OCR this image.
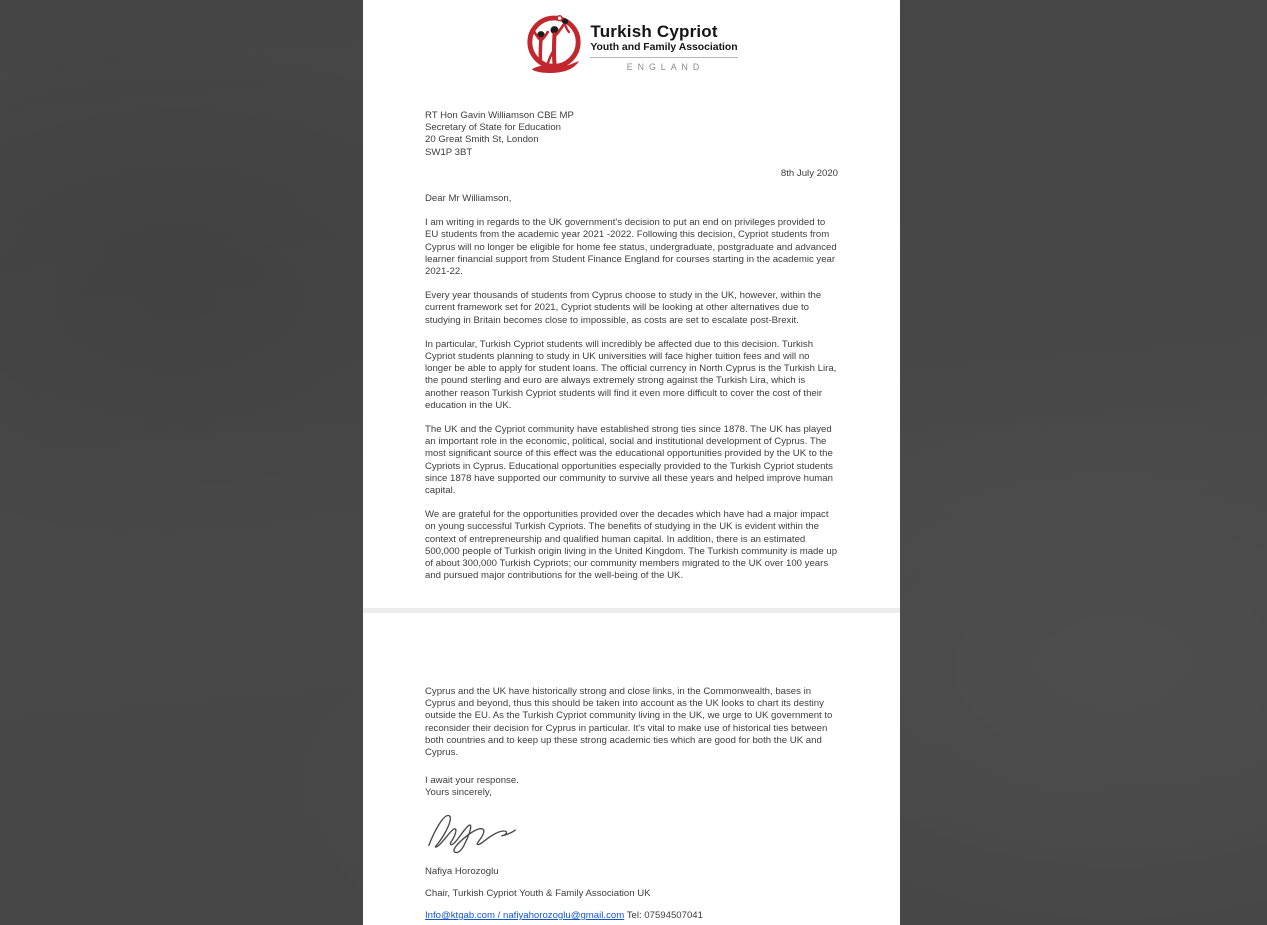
Turkish Cypriot
Youth and Family Association
ENGLAND
RT Hon Gavin Williamson CBE MP
Secretary of State for Education
20 Great Smith St, London
SW1P 3BT
8th July 2020
Dear Mr Williamson,

I am writing in regards to the UK government's decision to put an end on privileges provided to EU students from the academic year 2021 -2022. Following this decision, Cypriot students from Cyprus will no longer be eligible for home fee status, undergraduate, postgraduate and advanced learner financial support from Student Finance England for courses starting in the academic year 2021-22.

Every year thousands of students from Cyprus choose to study in the UK, however, within the current framework set for 2021, Cypriot students will be looking at other alternatives due to studying in Britain becomes close to impossible, as costs are set to escalate post-Brexit.

In particular, Turkish Cypriot students will incredibly be affected due to this decision. Turkish Cypriot students planning to study in UK universities will face higher tuition fees and will no longer be able to apply for student loans. The official currency in North Cyprus is the Turkish Lira, the pound sterling and euro are always extremely strong against the Turkish Lira, which is another reason Turkish Cypriot students will find it even more difficult to cover the cost of their education in the UK.

The UK and the Cypriot community have established strong ties since 1878. The UK has played an important role in the economic, political, social and institutional development of Cyprus. The most significant source of this effect was the educational opportunities provided by the UK to the Cypriots in Cyprus. Educational opportunities especially provided to the Turkish Cypriot students since 1878 have supported our community to survive all these years and helped improve human capital.

We are grateful for the opportunities provided over the decades which have had a major impact on young successful Turkish Cypriots. The benefits of studying in the UK is evident within the context of entrepreneurship and qualified human capital. In addition, there is an estimated 500,000 people of Turkish origin living in the United Kingdom. The Turkish community is made up of about 300,000 Turkish Cypriots; our community members migrated to the UK over 100 years and pursued major contributions for the well-being of the UK.

Cyprus and the UK have historically strong and close links, in the Commonwealth, bases in Cyprus and beyond, thus this should be taken into account as the UK looks to chart its destiny outside the EU. As the Turkish Cypriot community living in the UK, we urge to UK government to reconsider their decision for Cyprus in particular. It's vital to make use of historical ties between both countries and to keep up these strong academic ties which are good for both the UK and Cyprus.

I await your response.
Yours sincerely,
Nafiya Horozoglu
Chair, Turkish Cypriot Youth & Family Association UK
Info@ktgab.com / nafiyahorozoglu@gmail.com Tel: 07594507041
